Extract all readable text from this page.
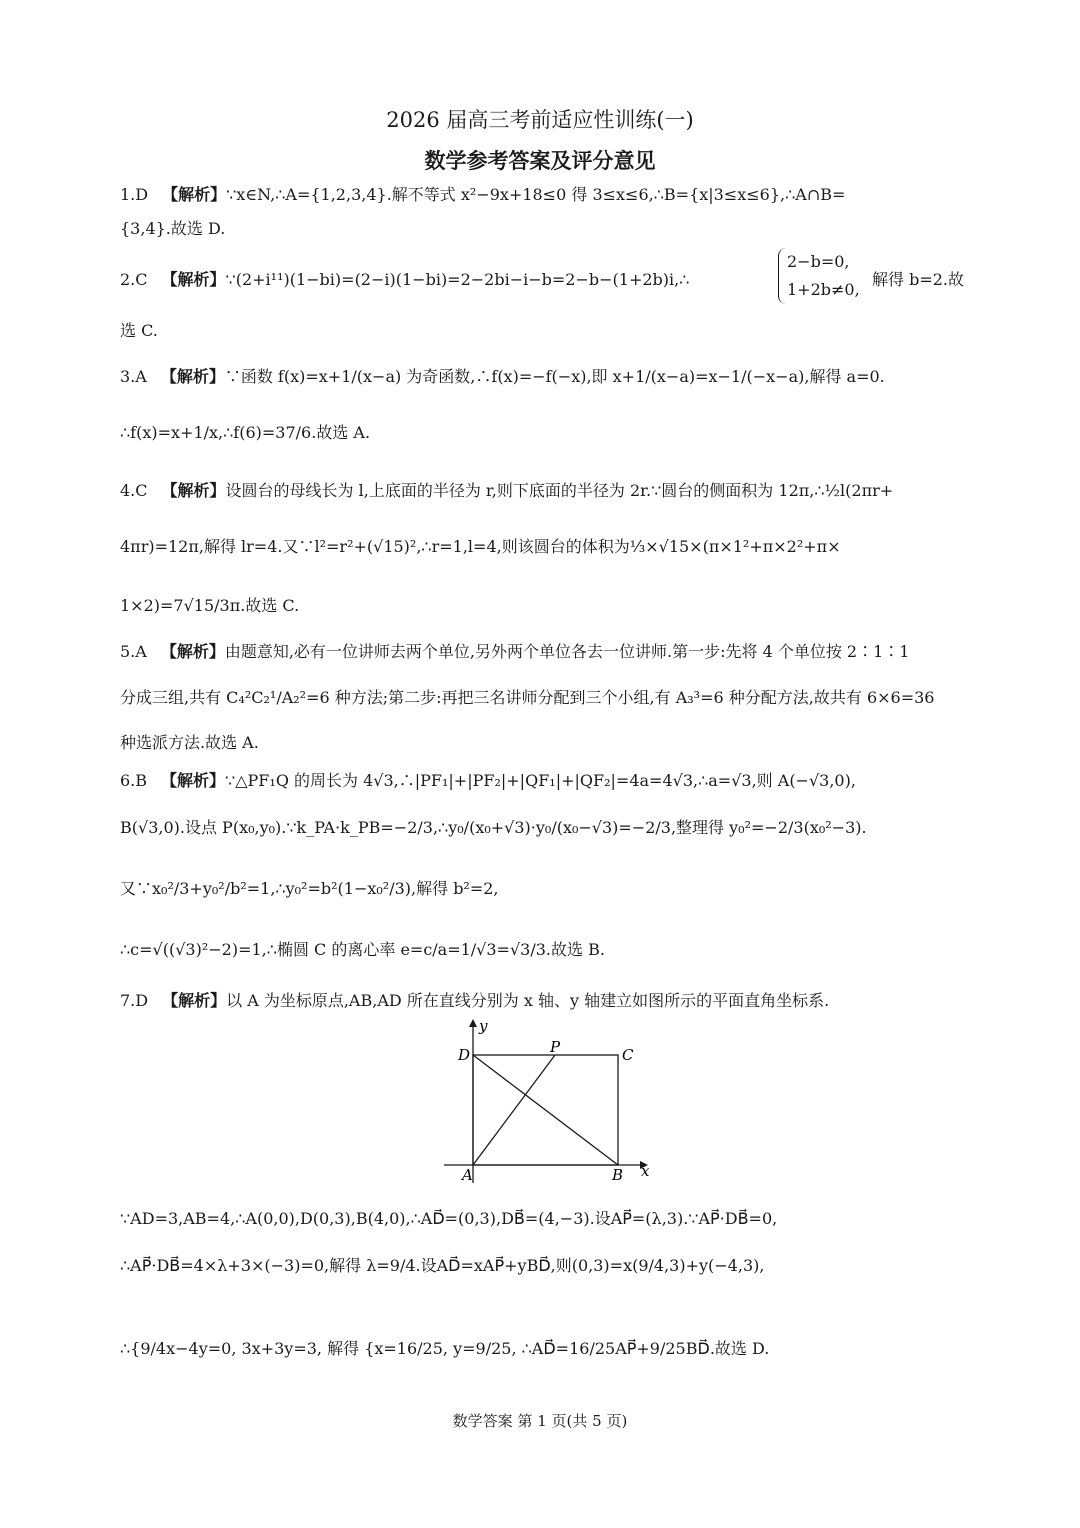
2026 届高三考前适应性训练(一)
数学参考答案及评分意见
1.D 【解析】∵x∈N,∴A={1,2,3,4}.解不等式 x²−9x+18≤0 得 3≤x≤6,∴B={x|3≤x≤6},∴A∩B=
{3,4}.故选 D.
2.C 【解析】∵(2+i¹¹)(1−bi)=(2−i)(1−bi)=2−2bi−i−b=2−b−(1+2b)i,∴
2−b=0,
1+2b≠0,
解得 b=2.故
选 C.
3.A 【解析】∵函数 f(x)=x+1/(x−a) 为奇函数,∴f(x)=−f(−x),即 x+1/(x−a)=x−1/(−x−a),解得 a=0.
∴f(x)=x+1/x,∴f(6)=37/6.故选 A.
4.C 【解析】设圆台的母线长为 l,上底面的半径为 r,则下底面的半径为 2r.∵圆台的侧面积为 12π,∴½l(2πr+
4πr)=12π,解得 lr=4.又∵l²=r²+(√15)²,∴r=1,l=4,则该圆台的体积为⅓×√15×(π×1²+π×2²+π×
1×2)=7√15/3π.故选 C.
5.A 【解析】由题意知,必有一位讲师去两个单位,另外两个单位各去一位讲师.第一步:先将 4 个单位按 2∶1∶1
分成三组,共有 C₄²C₂¹/A₂²=6 种方法;第二步:再把三名讲师分配到三个小组,有 A₃³=6 种分配方法,故共有 6×6=36
种选派方法.故选 A.
6.B 【解析】∵△PF₁Q 的周长为 4√3,∴|PF₁|+|PF₂|+|QF₁|+|QF₂|=4a=4√3,∴a=√3,则 A(−√3,0),
B(√3,0).设点 P(x₀,y₀).∵k_PA·k_PB=−2/3,∴y₀/(x₀+√3)·y₀/(x₀−√3)=−2/3,整理得 y₀²=−2/3(x₀²−3).
又∵x₀²/3+y₀²/b²=1,∴y₀²=b²(1−x₀²/3),解得 b²=2,
∴c=√((√3)²−2)=1,∴椭圆 C 的离心率 e=c/a=1/√3=√3/3.故选 B.
7.D 【解析】以 A 为坐标原点,AB,AD 所在直线分别为 x 轴、y 轴建立如图所示的平面直角坐标系.
y
D	P	C
A	B x
∵AD=3,AB=4,∴A(0,0),D(0,3),B(4,0),∴AD⃗=(0,3),DB⃗=(4,−3).设AP⃗=(λ,3).∵AP⃗·DB⃗=0,
∴AP⃗·DB⃗=4×λ+3×(−3)=0,解得 λ=9/4.设AD⃗=xAP⃗+yBD⃗,则(0,3)=x(9/4,3)+y(−4,3),
∴{9/4x−4y=0, 3x+3y=3, 解得 {x=16/25, y=9/25, ∴AD⃗=16/25AP⃗+9/25BD⃗.故选 D.
数学答案 第 1 页(共 5 页)
